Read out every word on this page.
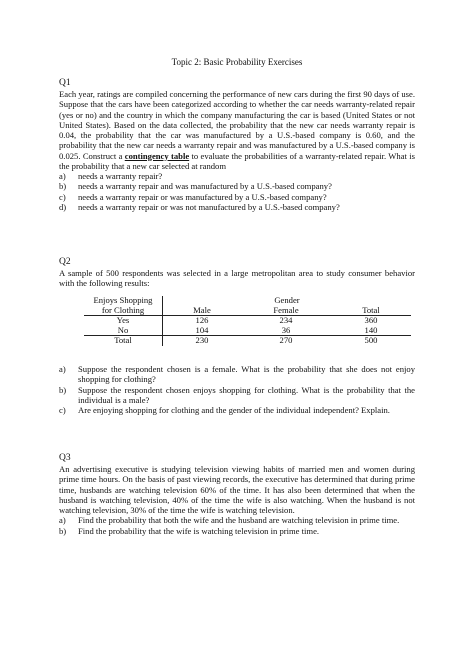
Topic 2: Basic Probability Exercises
Q1

Each year, ratings are compiled concerning the performance of new cars during the first 90 days of use. Suppose that the cars have been categorized according to whether the car needs warranty-related repair (yes or no) and the country in which the company manufacturing the car is based (United States or not United States). Based on the data collected, the probability that the new car needs warranty repair is 0.04, the probability that the car was manufactured by a U.S.-based company is 0.60, and the probability that the new car needs a warranty repair and was manufactured by a U.S.-based company is 0.025. Construct a contingency table to evaluate the probabilities of a warranty-related repair. What is the probability that a new car selected at random

a)	needs a warranty repair?
b)	needs a warranty repair and was manufactured by a U.S.-based company?
c)	needs a warranty repair or was manufactured by a U.S.-based company?
d)	needs a warranty repair or was not manufactured by a U.S.-based company?
Q2

A sample of 500 respondents was selected in a large metropolitan area to study consumer behavior with the following results:

Enjoys Shopping	Gender		
for Clothing	Male	Female	Total
Yes	126	234	360
No	104	36	140
Total	230	270	500
a)	Suppose the respondent chosen is a female. What is the probability that she does not enjoy shopping for clothing?
b)	Suppose the respondent chosen enjoys shopping for clothing. What is the probability that the individual is a male?
c)	Are enjoying shopping for clothing and the gender of the individual independent? Explain.
Q3

An advertising executive is studying television viewing habits of married men and women during prime time hours. On the basis of past viewing records, the executive has determined that during prime time, husbands are watching television 60% of the time. It has also been determined that when the husband is watching television, 40% of the time the wife is also watching. When the husband is not watching television, 30% of the time the wife is watching television.

a)	Find the probability that both the wife and the husband are watching television in prime time.
b)	Find the probability that the wife is watching television in prime time.
